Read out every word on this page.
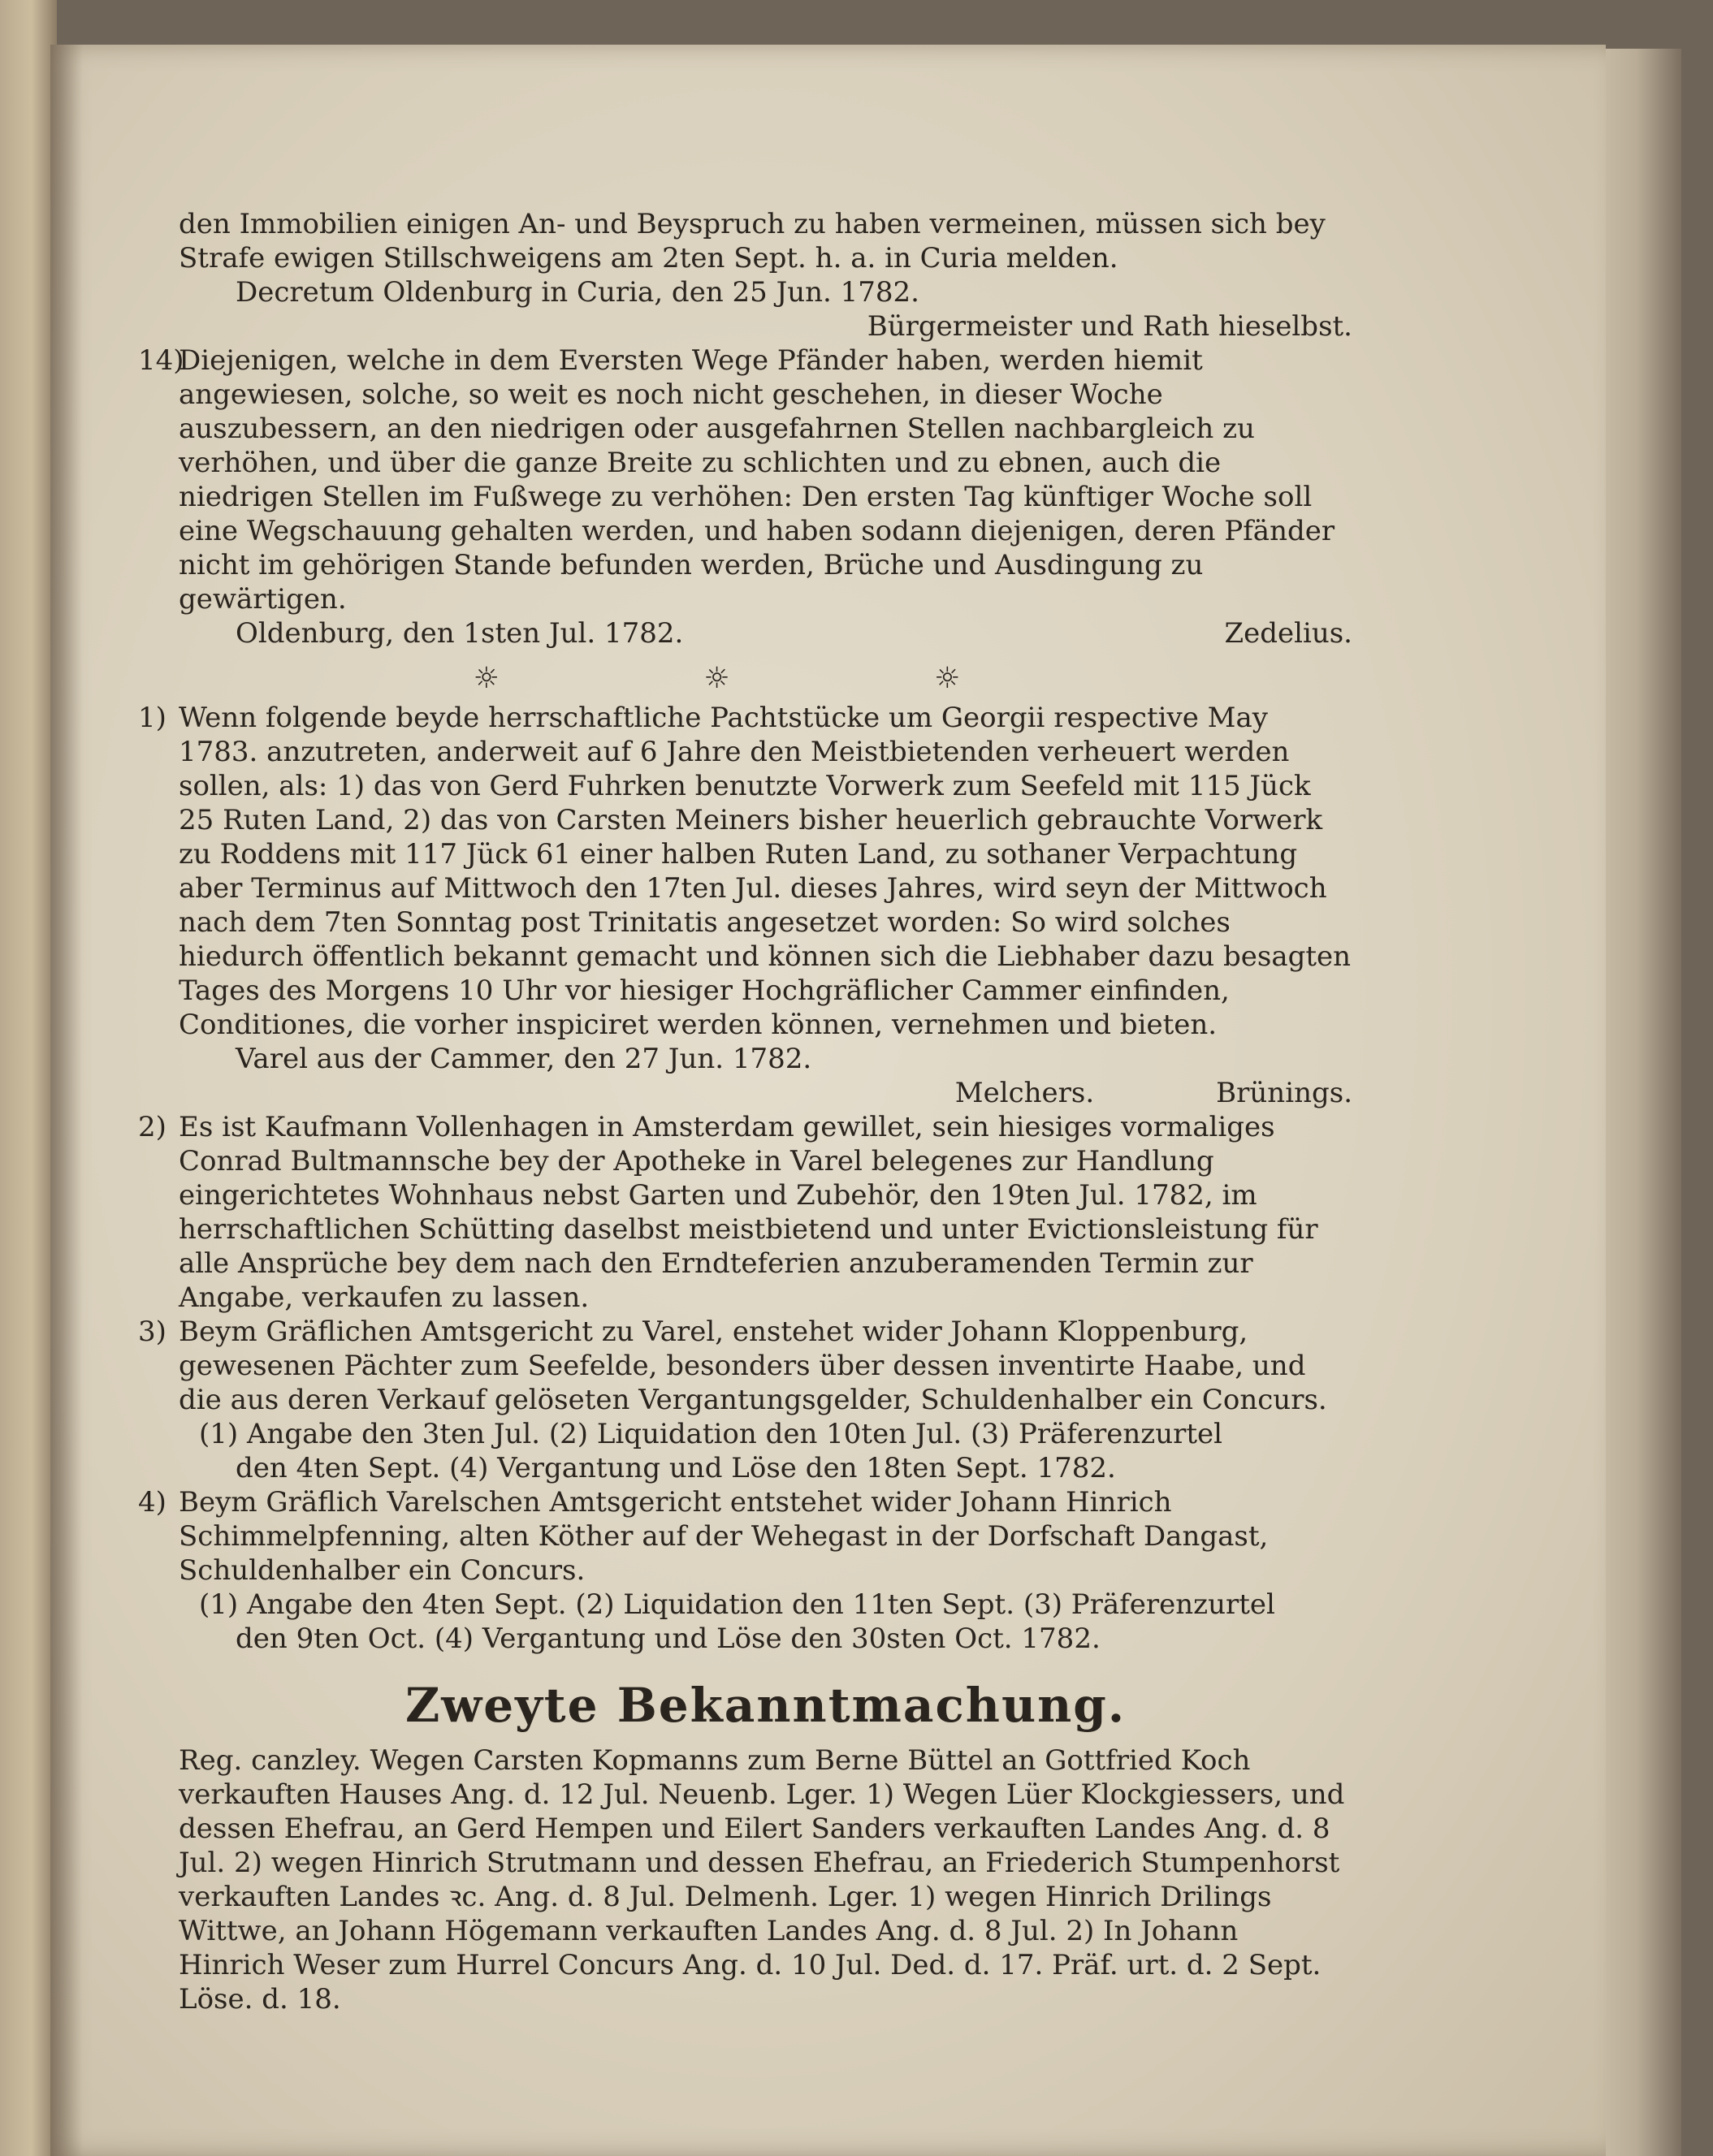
den Immobilien einigen An- und Beyspruch zu haben vermeinen, müssen sich bey
Strafe ewigen Stillschweigens am 2ten Sept. h. a. in Curia melden.
Decretum Oldenburg in Curia, den 25 Jun. 1782.
Bürgermeister und Rath hieselbst.
14)
Diejenigen, welche in dem Eversten Wege Pfänder haben, werden hiemit angewiesen, solche, so weit es noch nicht geschehen, in dieser Woche auszubessern, an den niedrigen oder ausgefahrnen Stellen nachbargleich zu verhöhen, und über die ganze Breite zu schlichten und zu ebnen, auch die niedrigen Stellen im Fußwege zu verhöhen: Den ersten Tag künftiger Woche soll eine Wegschauung gehalten werden, und haben sodann diejenigen, deren Pfänder nicht im gehörigen Stande befunden werden, Brüche und Ausdingung zu gewärtigen.
Oldenburg, den 1sten Jul. 1782.	Zedelius.
☼ ☼ ☼
1) Wenn folgende beyde herrschaftliche Pachtstücke um Georgii respective May 1783. anzutreten, anderweit auf 6 Jahre den Meistbietenden verheuert werden sollen, als: 1) das von Gerd Fuhrken benutzte Vorwerk zum Seefeld mit 115 Jück 25 Ruten Land, 2) das von Carsten Meiners bisher heuerlich gebrauchte Vorwerk zu Roddens mit 117 Jück 61 einer halben Ruten Land, zu sothaner Verpachtung aber Terminus auf Mittwoch den 17ten Jul. dieses Jahres, wird seyn der Mittwoch nach dem 7ten Sonntag post Trinitatis angesetzet worden: So wird solches hiedurch öffentlich bekannt gemacht und können sich die Liebhaber dazu besagten Tages des Morgens 10 Uhr vor hiesiger Hochgräflicher Cammer einfinden, Conditiones, die vorher inspiciret werden können, vernehmen und bieten.
Varel aus der Cammer, den 27 Jun. 1782.
Melchers.	Brünings.
2) Es ist Kaufmann Vollenhagen in Amsterdam gewillet, sein hiesiges vormaliges Conrad Bultmannsche bey der Apotheke in Varel belegenes zur Handlung eingerichtetes Wohnhaus nebst Garten und Zubehör, den 19ten Jul. 1782, im herrschaftlichen Schütting daselbst meistbietend und unter Evictionsleistung für alle Ansprüche bey dem nach den Erndteferien anzuberamenden Termin zur Angabe, verkaufen zu lassen.
3) Beym Gräflichen Amtsgericht zu Varel, enstehet wider Johann Kloppenburg, gewesenen Pächter zum Seefelde, besonders über dessen inventirte Haabe, und die aus deren Verkauf gelöseten Vergantungsgelder, Schuldenhalber ein Concurs.
(1) Angabe den 3ten Jul. (2) Liquidation den 10ten Jul. (3) Präferenzurtel
den 4ten Sept. (4) Vergantung und Löse den 18ten Sept. 1782.
4) Beym Gräflich Varelschen Amtsgericht entstehet wider Johann Hinrich Schimmelpfenning, alten Köther auf der Wehegast in der Dorfschaft Dangast, Schuldenhalber ein Concurs.
(1) Angabe den 4ten Sept. (2) Liquidation den 11ten Sept. (3) Präferenzurtel
den 9ten Oct. (4) Vergantung und Löse den 30sten Oct. 1782.
Zweyte Bekanntmachung.
Reg. canzley. Wegen Carsten Kopmanns zum Berne Büttel an Gottfried Koch verkauften Hauses Ang. d. 12 Jul. Neuenb. Lger. 1) Wegen Lüer Klockgiessers, und dessen Ehefrau, an Gerd Hempen und Eilert Sanders verkauften Landes Ang. d. 8 Jul. 2) wegen Hinrich Strutmann und dessen Ehefrau, an Friederich Stumpenhorst verkauften Landes ꝛc. Ang. d. 8 Jul. Delmenh. Lger. 1) wegen Hinrich Drilings Wittwe, an Johann Högemann verkauften Landes Ang. d. 8 Jul. 2) In Johann Hinrich Weser zum Hurrel Concurs Ang. d. 10 Jul. Ded. d. 17. Präf. urt. d. 2 Sept. Löse. d. 18.
